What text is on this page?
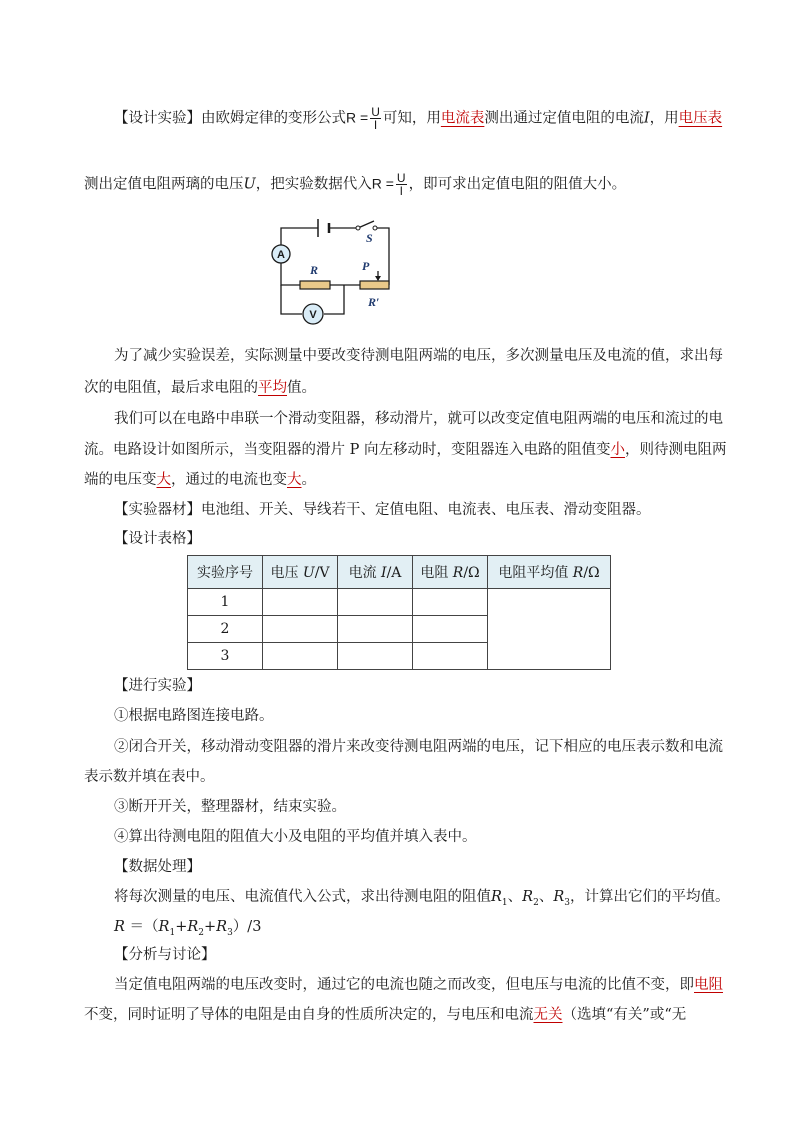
【设计实验】由欧姆定律的变形公式$R = \frac{U}{I}$ 可知，用电流表测出通过定值电阻的电流I，用电压表
测出定值电阻两璃的电压U，把实验数据代入$R = \frac{U}{I}$ ，即可求出定值电阻的阻值大小。
A
V
S
R	P
R′
为了减少实验误差，实际测量中要改变待测电阻两端的电压，多次测量电压及电流的值，求出每
次的电阻值，最后求电阻的平均值。
我们可以在电路中串联一个滑动变阻器，移动滑片，就可以改变定值电阻两端的电压和流过的电
流。电路设计如图所示，当变阻器的滑片 P 向左移动时，变阻器连入电路的阻值变小，则待测电阻两
端的电压变大，通过的电流也变大。
【实验器材】电池组、开关、导线若干、定值电阻、电流表、电压表、滑动变阻器。
【设计表格】
实验序号	电压 U/V	电流 I/A	电阻 R/Ω	电阻平均值 R/Ω
1				
2				
3				
【进行实验】
①根据电路图连接电路。
②闭合开关，移动滑动变阻器的滑片来改变待测电阻两端的电压，记下相应的电压表示数和电流
表示数并填在表中。
③断开开关，整理器材，结束实验。
④算出待测电阻的阻值大小及电阻的平均值并填入表中。
【数据处理】
将每次测量的电压、电流值代入公式，求出待测电阻的阻值$R_1$、$R_2$、$R_3$，计算出它们的平均值。
$R =(R_1+R_2+R_3)/3$
【分析与讨论】
当定值电阻两端的电压改变时，通过它的电流也随之而改变，但电压与电流的比值不变，即电阻
不变，同时证明了导体的电阻是由自身的性质所决定的，与电压和电流无关（选填“有关”或“无
